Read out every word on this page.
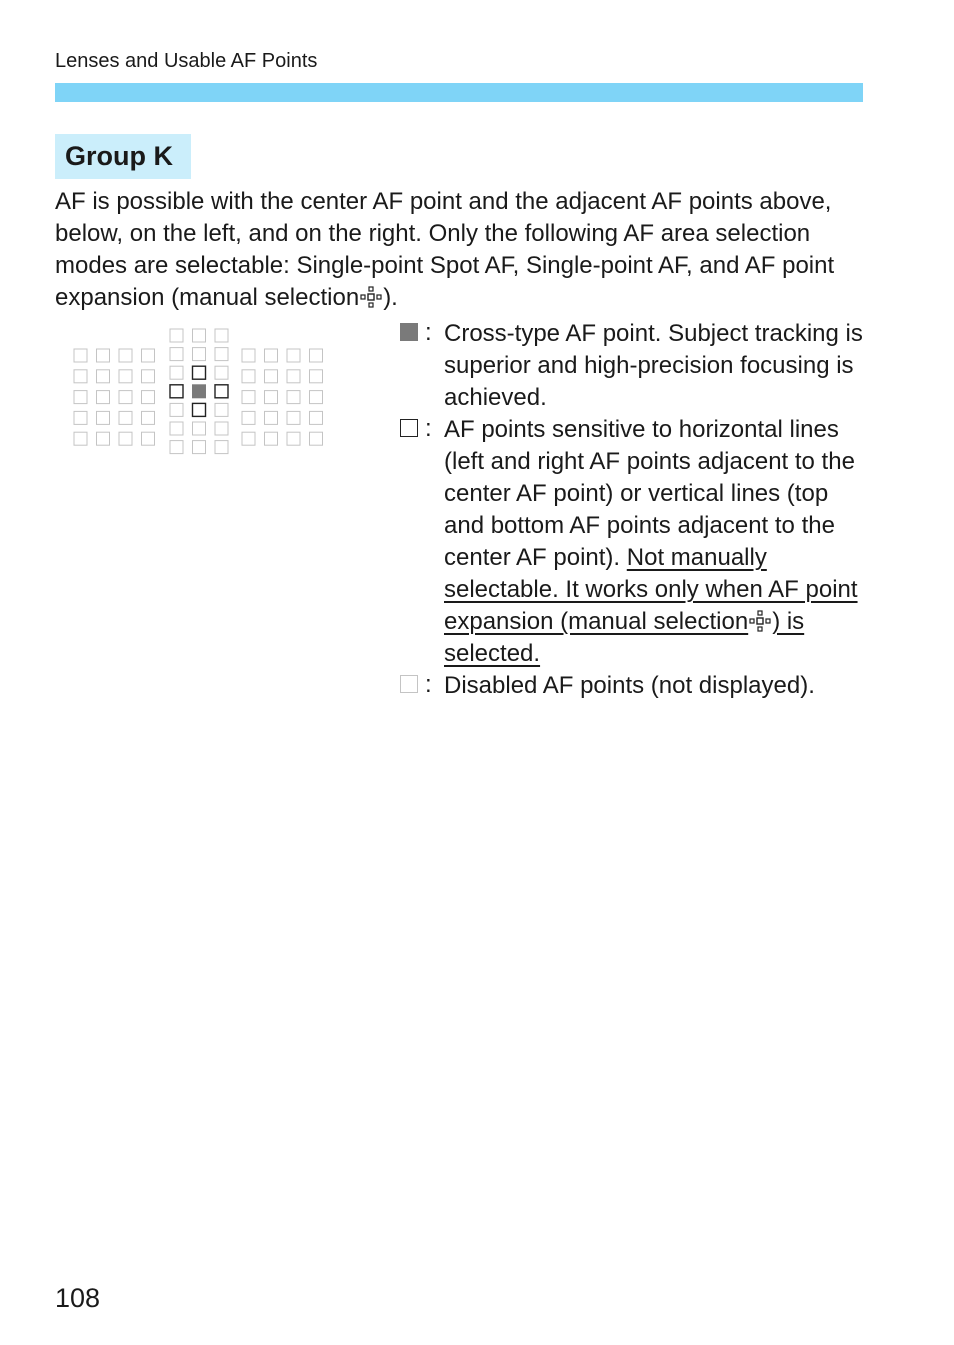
Lenses and Usable AF Points
Group K
AF is possible with the center AF point and the adjacent AF points above, below, on the left, and on the right. Only the following AF area selection modes are selectable: Single-point Spot AF, Single-point AF, and AF point expansion (manual selection ).
: Cross-type AF point. Subject tracking is superior and high-precision focusing is achieved.
: AF points sensitive to horizontal lines (left and right AF points adjacent to the center AF point) or vertical lines (top and bottom AF points adjacent to the center AF point). Not manually selectable. It works only when AF point expansion (manual selection ) is selected.
: Disabled AF points (not displayed).
108
